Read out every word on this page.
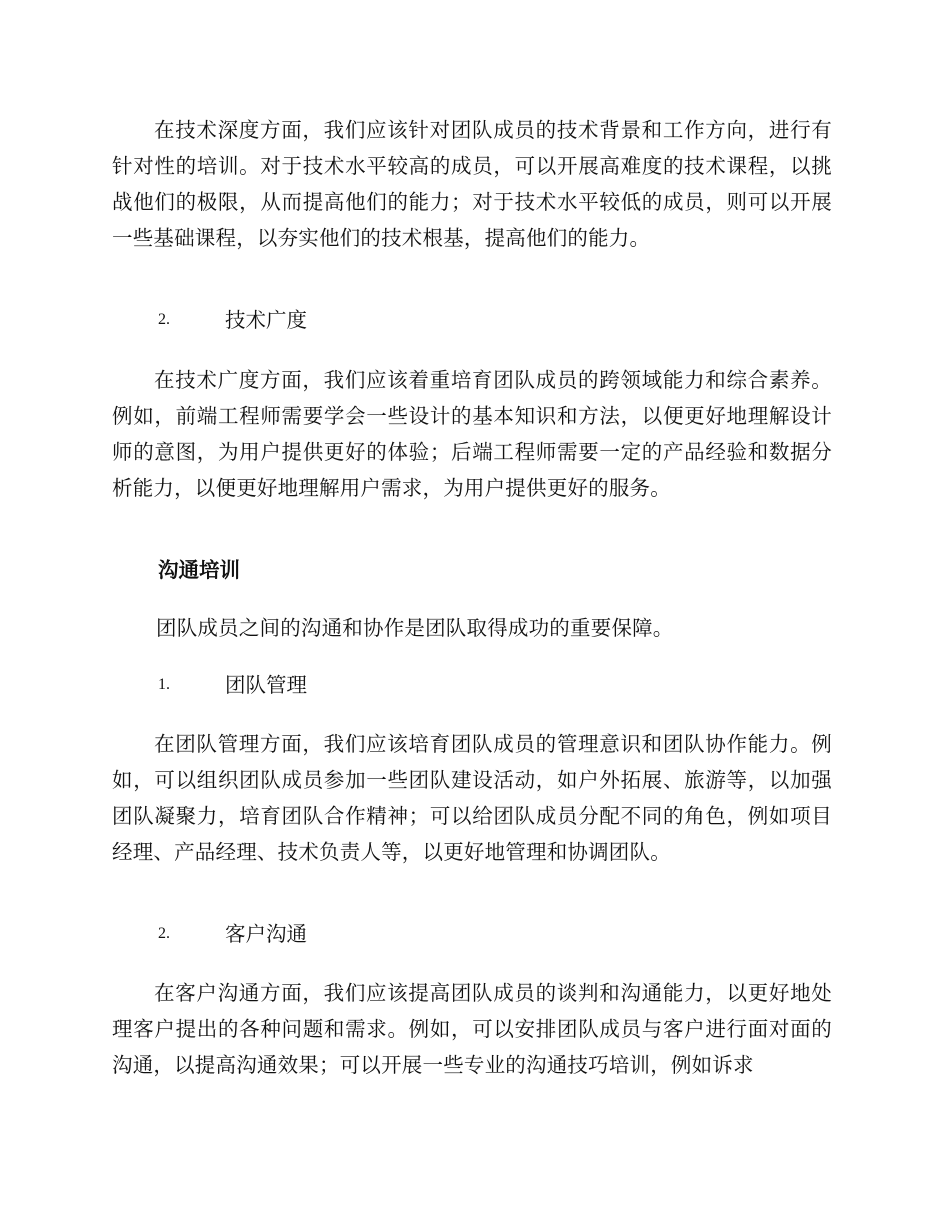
在技术深度方面，我们应该针对团队成员的技术背景和工作方向，进行有针对性的培训。对于技术水平较高的成员，可以开展高难度的技术课程，以挑战他们的极限，从而提高他们的能力；对于技术水平较低的成员，则可以开展一些基础课程，以夯实他们的技术根基，提高他们的能力。

2.	技术广度

在技术广度方面，我们应该着重培育团队成员的跨领域能力和综合素养。例如，前端工程师需要学会一些设计的基本知识和方法，以便更好地理解设计师的意图，为用户提供更好的体验；后端工程师需要一定的产品经验和数据分析能力，以便更好地理解用户需求，为用户提供更好的服务。

沟通培训

团队成员之间的沟通和协作是团队取得成功的重要保障。

1.	团队管理

在团队管理方面，我们应该培育团队成员的管理意识和团队协作能力。例如，可以组织团队成员参加一些团队建设活动，如户外拓展、旅游等，以加强团队凝聚力，培育团队合作精神；可以给团队成员分配不同的角色，例如项目经理、产品经理、技术负责人等，以更好地管理和协调团队。

2.	客户沟通

在客户沟通方面，我们应该提高团队成员的谈判和沟通能力，以更好地处理客户提出的各种问题和需求。例如，可以安排团队成员与客户进行面对面的沟通，以提高沟通效果；可以开展一些专业的沟通技巧培训，例如诉求
